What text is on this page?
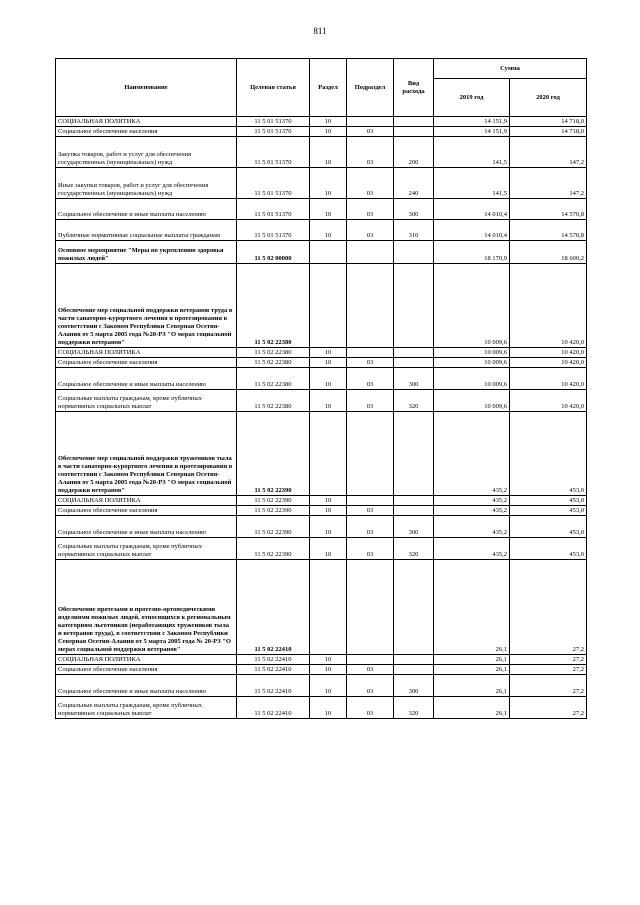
811
Наименование	Целевая статья	Раздел	Подраздел	Вид расхода	Сумма	
					2019 год	2020 год
СОЦИАЛЬНАЯ ПОЛИТИКА	11 5 01 51370	10			14 151,9	14 718,0
Социальное обеспечение населения	11 5 01 51370	10	03		14 151,9	14 718,0
Закупка товаров, работ и услуг для обеспечения государственных (муниципальных) нужд	11 5 01 51370	10	03	200	141,5	147,2
Иные закупки товаров, работ и услуг для обеспечения государственных (муниципальных) нужд	11 5 01 51370	10	03	240	141,5	147,2
Социальное обеспечение и иные выплаты населению	11 5 01 51370	10	03	300	14 010,4	14 570,8
Публичные нормативные социальные выплаты гражданам	11 5 01 51370	10	03	310	14 010,4	14 570,8
Основное мероприятие "Меры по укреплению здоровья пожилых людей"	11 5 02 00000				18 170,9	18 600,2
Обеспечение мер социальной поддержки ветеранов труда в части санаторно-курортного лечения и протезирования в соответствии с Законом Республики Северная Осетия-Алания от 5 марта 2005 года №20-РЗ "О мерах социальной поддержки ветеранов"	11 5 02 22380				10 009,6	10 420,0
СОЦИАЛЬНАЯ ПОЛИТИКА	11 5 02 22380	10			10 009,6	10 420,0
Социальное обеспечение населения	11 5 02 22380	10	03		10 009,6	10 420,0
Социальное обеспечение и иные выплаты населению	11 5 02 22380	10	03	300	10 009,6	10 420,0
Социальные выплаты гражданам, кроме публичных нормативных социальных выплат	11 5 02 22380	10	03	320	10 009,6	10 420,0
Обеспечение мер социальной поддержки тружеников тыла в части санаторно-курортного лечения и протезирования в соответствии с Законом Республики Северная Осетия-Алания от 5 марта 2005 года №20-РЗ "О мерах социальной поддержки ветеранов"	11 5 02 22390				435,2	453,0
СОЦИАЛЬНАЯ ПОЛИТИКА	11 5 02 22390	10			435,2	453,0
Социальное обеспечение населения	11 5 02 22390	10	03		435,2	453,0
Социальное обеспечение и иные выплаты населению	11 5 02 22390	10	03	300	435,2	453,0
Социальные выплаты гражданам, кроме публичных нормативных социальных выплат	11 5 02 22390	10	03	320	435,2	453,0
Обеспечение протезами и протезно-ортопедическими изделиями пожилых людей, относящихся к региональным категориям льготников (неработающих тружеников тыла и ветеранов труда), в соответствии с Законом Республики Северная Осетия-Алания от 5 марта 2005 года № 20-РЗ "О мерах социальной поддержки ветеранов"	11 5 02 22410				26,1	27,2
СОЦИАЛЬНАЯ ПОЛИТИКА	11 5 02 22410	10			26,1	27,2
Социальное обеспечение населения	11 5 02 22410	10	03		26,1	27,2
Социальное обеспечение и иные выплаты населению	11 5 02 22410	10	03	300	26,1	27,2
Социальные выплаты гражданам, кроме публичных нормативных социальных выплат	11 5 02 22410	10	03	320	26,1	27,2
